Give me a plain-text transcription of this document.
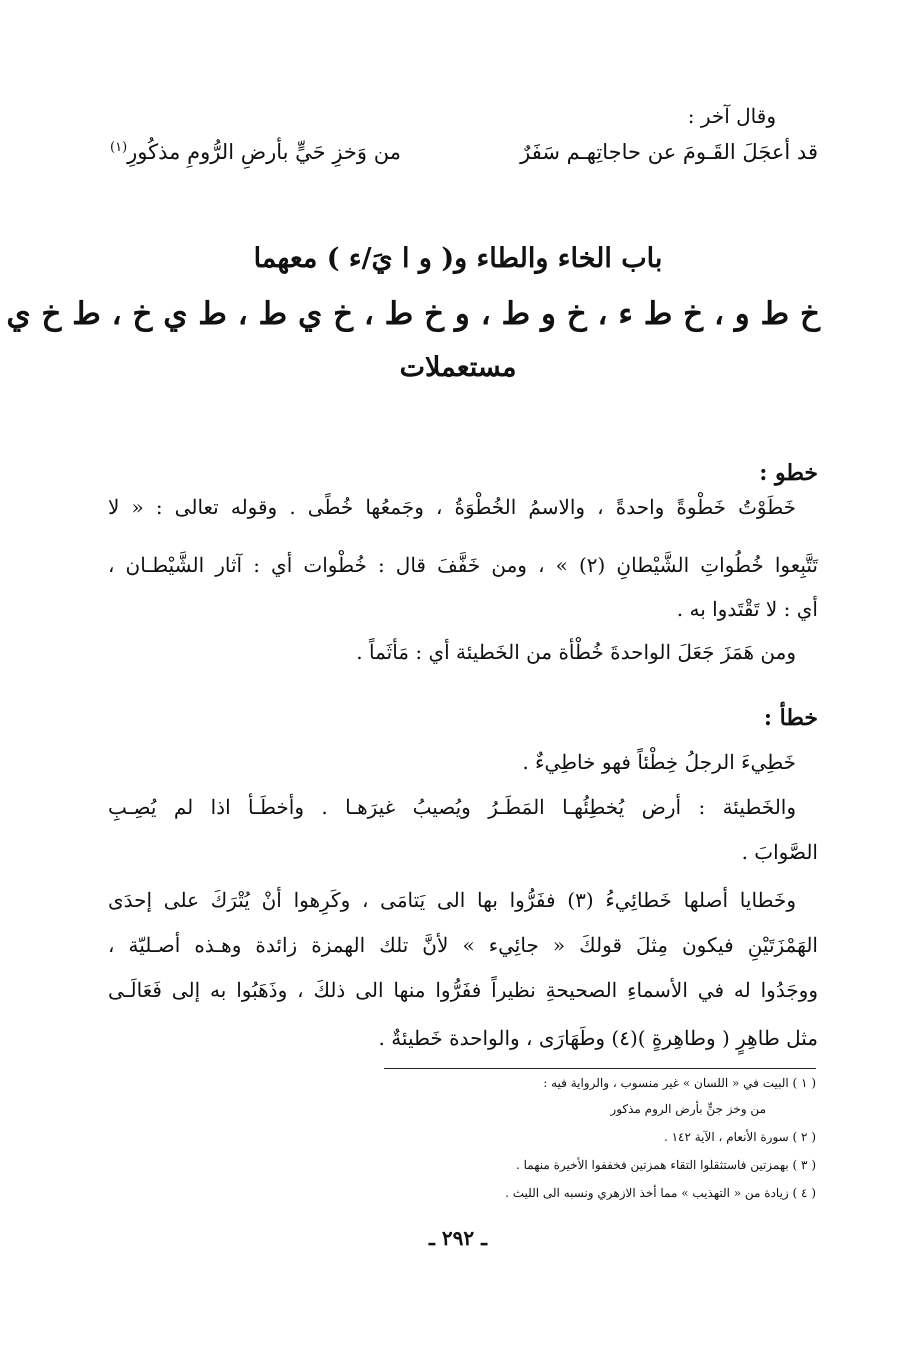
وقال آخر :
قد أعجَلَ القَـومَ عن حاجاتِهـم سَفَرٌ
من وَخزِ حَيٍّ بأرضِ الرُّومِ مذكُورِ$^{(١)}$
باب الخاء والطاء و( و ا يَ/ء ) معهما
خ ط و ، خ ط ء ، خ و ط ، و خ ط ، خ ي ط ، ط ي خ ، ط خ ي
مستعملات
خطو :
خَطَوْتُ خَطْوةً واحدةً ، والاسمُ الخُطْوَةُ ، وجَمعُها خُطًى . وقوله تعالى : « لا
تَتَّبِعوا خُطُواتِ الشَّيْطانِ (٢) » ، ومن خَفَّفَ قال : خُطْوات أي : آثار الشَّيْطـان ،
أي : لا تَقْتَدوا به .
ومن هَمَزَ جَعَلَ الواحدةَ خُطْأة من الخَطيئة أي : مَأثَماً .
خطأ :
خَطِيءَ الرجلُ خِطْئاً فهو خاطِيءٌ .
والخَطيئة : أرض يُخطِئُهـا المَطَـرُ ويُصيبُ غيرَهـا . وأخطَـأ اذا لم يُصِـبِ
الصَّوابَ .
وخَطايا أصلها خَطائِيءُ (٣) ففَرُّوا بها الى يَتامَى ، وكَرِهوا أنْ يُتْرَكَ على إحدَى
الهَمْزَتَيْنِ فيكون مِثلَ قولكَ « جائِيء » لأنَّ تلك الهمزة زائدة وهـذه أصـليّة ،
ووجَدُوا له في الأسماءِ الصحيحةِ نظيراً ففَرُّوا منها الى ذلكَ ، وذَهَبُوا به إلى فَعَالَـى
مثل طاهِرٍ ( وطاهِرةٍ )(٤) وطَهَارَى ، والواحدة خَطيئةٌ .
( ١ ) البيت في « اللسان » غير منسوب ، والرواية فيه :
من وخز جنٍّ بأرض الروم مذكور
( ٢ ) سورة الأنعام ، الآية ١٤٢ .
( ٣ ) بهمزتين فاستثقلوا التقاء همزتين فخففوا الأخيرة منهما .
( ٤ ) زيادة من « التهذيب » مما أخذ الازهري ونسبه الى الليث .
ـ ٢٩٢ ـ
